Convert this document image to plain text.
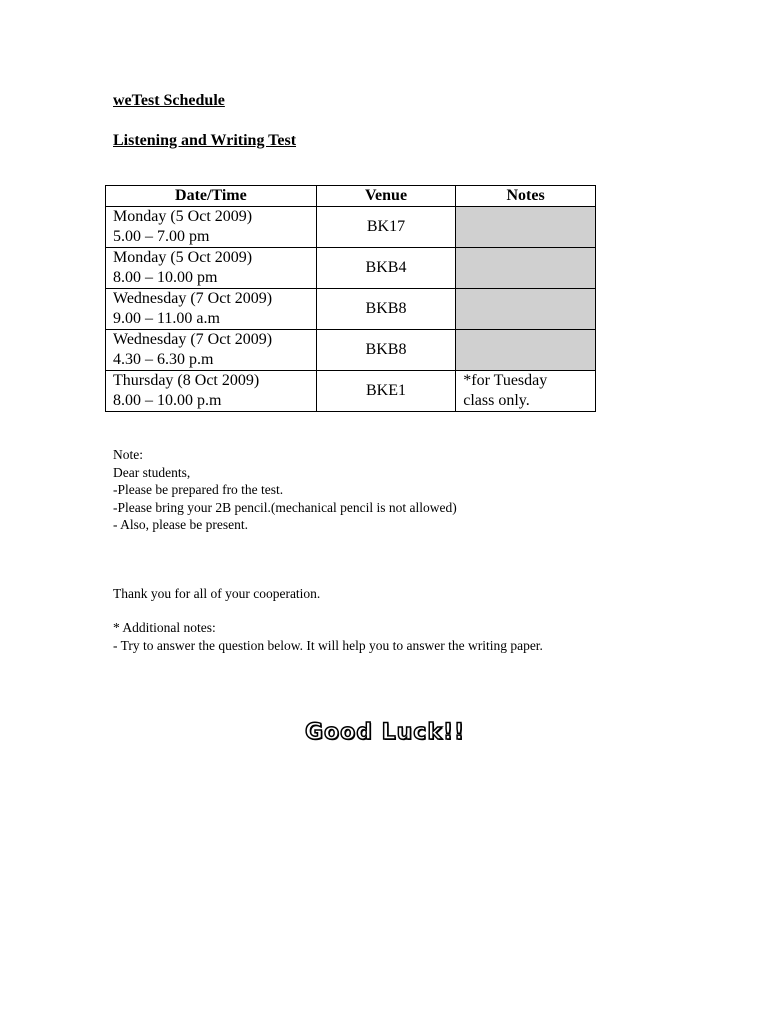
weTest Schedule
Listening and Writing Test
Date/Time	Venue	Notes

Monday (5 Oct 2009)
5.00 – 7.00 pm	BK17	

Monday (5 Oct 2009)
8.00 – 10.00 pm	BKB4	

Wednesday (7 Oct 2009)
9.00 – 11.00 a.m	BKB8	

Wednesday (7 Oct 2009)
4.30 – 6.30 p.m	BKB8	

Thursday (8 Oct 2009)
8.00 – 10.00 p.m	BKE1	*for Tuesday
class only.
Note:
Dear students,
-Please be prepared fro the test.
-Please bring your 2B pencil.(mechanical pencil is not allowed)
- Also, please be present.
Thank you for all of your cooperation.
* Additional notes:
- Try to answer the question below. It will help you to answer the writing paper.
Good Luck!!
